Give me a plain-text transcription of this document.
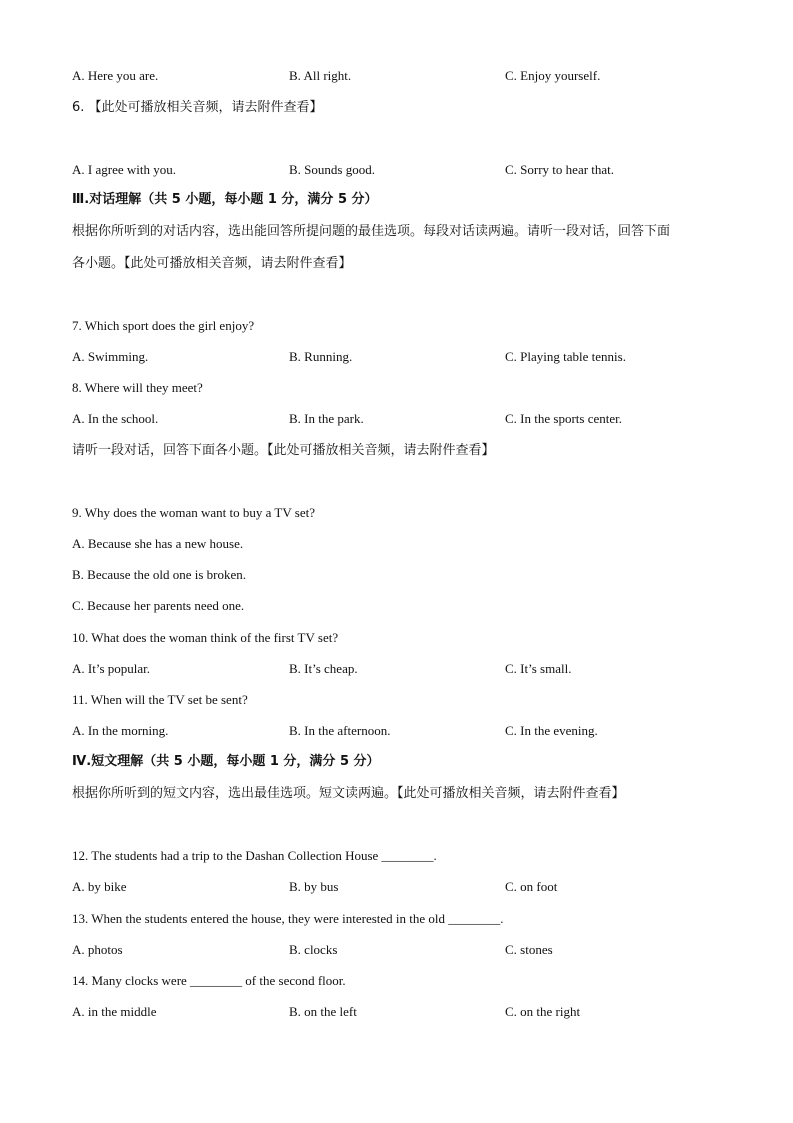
A. Here you are.	B. All right.	C. Enjoy yourself.
6. 【此处可播放相关音频，请去附件查看】
A. I agree with you.	B. Sounds good.	C. Sorry to hear that.
Ⅲ.对话理解（共 5 小题，每小题 1 分，满分 5 分）
根据你所听到的对话内容，选出能回答所提问题的最佳选项。每段对话读两遍。请听一段对话，回答下面
各小题。【此处可播放相关音频，请去附件查看】
7. Which sport does the girl enjoy?
A. Swimming.	B. Running.	C. Playing table tennis.
8. Where will they meet?
A. In the school.	B. In the park.	C. In the sports center.
请听一段对话，回答下面各小题。【此处可播放相关音频，请去附件查看】
9. Why does the woman want to buy a TV set?
A. Because she has a new house.
B. Because the old one is broken.
C. Because her parents need one.
10. What does the woman think of the first TV set?
A. It’s popular.	B. It’s cheap.	C. It’s small.
11. When will the TV set be sent?
A. In the morning.	B. In the afternoon.	C. In the evening.
Ⅳ.短文理解（共 5 小题，每小题 1 分，满分 5 分）
根据你所听到的短文内容，选出最佳选项。短文读两遍。【此处可播放相关音频，请去附件查看】
12. The students had a trip to the Dashan Collection House ________.
A. by bike	B. by bus	C. on foot
13. When the students entered the house, they were interested in the old ________.
A. photos	B. clocks	C. stones
14. Many clocks were ________ of the second floor.
A. in the middle	B. on the left	C. on the right
